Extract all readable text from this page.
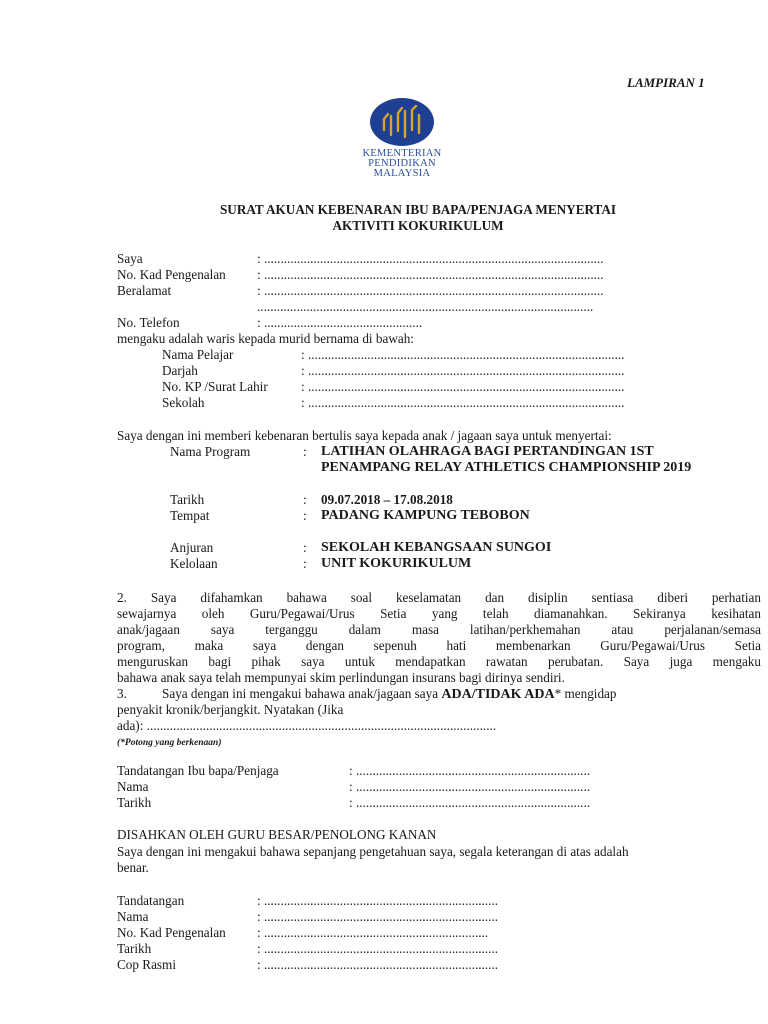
LAMPIRAN 1
KEMENTERIAN
PENDIDIKAN
MALAYSIA
SURAT AKUAN KEBENARAN IBU BAPA/PENJAGA MENYERTAI
AKTIVITI KOKURIKULUM
Saya	: .......................................................................................................
No. Kad Pengenalan : .......................................................................................................
Beralamat	: .......................................................................................................
......................................................................................................
No. Telefon	: ................................................
mengaku adalah waris kepada murid bernama di bawah:
Nama Pelajar	: ................................................................................................
Darjah	: ................................................................................................
No. KP /Surat Lahir	: ................................................................................................
Sekolah	: ................................................................................................
Saya dengan ini memberi kebenaran bertulis saya kepada anak / jagaan saya untuk menyertai:
Nama Program	: LATIHAN OLAHRAGA BAGI PERTANDINGAN 1ST
PENAMPANG RELAY ATHLETICS CHAMPIONSHIP 2019
Tarikh	: 09.07.2018 – 17.08.2018
Tempat	: PADANG KAMPUNG TEBOBON
Anjuran	: SEKOLAH KEBANGSAAN SUNGOI
Kelolaan	: UNIT KOKURIKULUM
2. Saya difahamkan bahawa soal keselamatan dan disiplin sentiasa diberi perhatian
sewajarnya oleh Guru/Pegawai/Urus Setia yang telah diamanahkan. Sekiranya kesihatan
anak/jagaan saya terganggu dalam masa latihan/perkhemahan atau perjalanan/semasa
program, maka saya dengan sepenuh hati membenarkan Guru/Pegawai/Urus Setia
menguruskan bagi pihak saya untuk mendapatkan rawatan perubatan. Saya juga mengaku
bahawa anak saya telah mempunyai skim perlindungan insurans bagi dirinya sendiri.
3.	Saya dengan ini mengakui bahawa anak/jagaan saya ADA/TIDAK ADA* mengidap
penyakit kronik/berjangkit. Nyatakan (Jika
ada): ..........................................................................................................
(*Potong yang berkenaan)
Tandatangan Ibu bapa/Penjaga	: .......................................................................
Nama	: .......................................................................
Tarikh	: .......................................................................
DISAHKAN OLEH GURU BESAR/PENOLONG KANAN
Saya dengan ini mengakui bahawa sepanjang pengetahuan saya, segala keterangan di atas adalah
benar.
Tandatangan	: .......................................................................
Nama	: .......................................................................
No. Kad Pengenalan : ....................................................................
Tarikh	: .......................................................................
Cop Rasmi	: .......................................................................
